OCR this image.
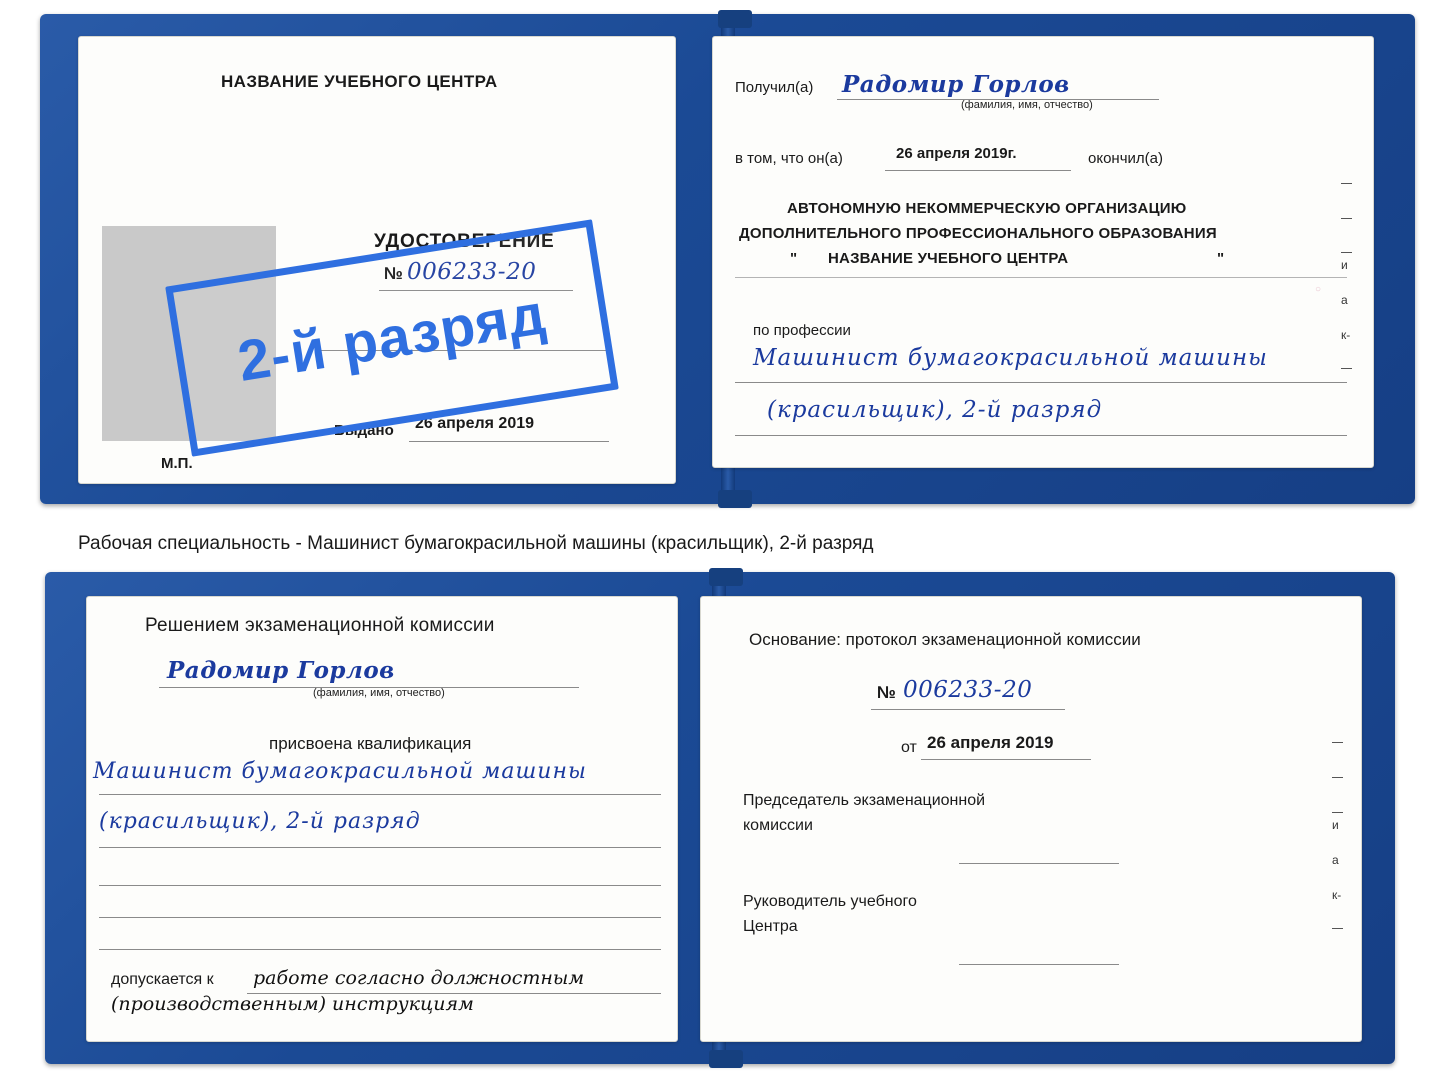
НАЗВАНИЕ УЧЕБНОГО ЦЕНТРА
УДОСТОВЕРЕНИЕ
№ 006233-20
Выдано 26 апреля 2019
М.П.
Получил(а) Радомир Горлов
(фамилия, имя, отчество)
в том, что он(а)	26 апреля 2019г.	окончил(а)
АВТОНОМНУЮ НЕКОММЕРЧЕСКУЮ ОРГАНИЗАЦИЮ
ДОПОЛНИТЕЛЬНОГО ПРОФЕССИОНАЛЬНОГО ОБРАЗОВАНИЯ
" НАЗВАНИЕ УЧЕБНОГО ЦЕНТРА	"
по профессии
Машинист бумагокрасильной машины
(красильщик), 2-й разряд
○
и
а
к-
Рабочая специальность - Машинист бумагокрасильной машины (красильщик), 2-й разряд
Решением экзаменационной комиссии
Радомир Горлов
(фамилия, имя, отчество)
присвоена квалификация
Машинист бумагокрасильной машины
(красильщик), 2-й разряд
допускается к работе согласно должностным
(производственным) инструкциям
Основание: протокол экзаменационной комиссии
№ 006233-20
от 26 апреля 2019
Председатель экзаменационной
комиссии
Руководитель учебного
Центра
и
а
к-
2-й разряд
